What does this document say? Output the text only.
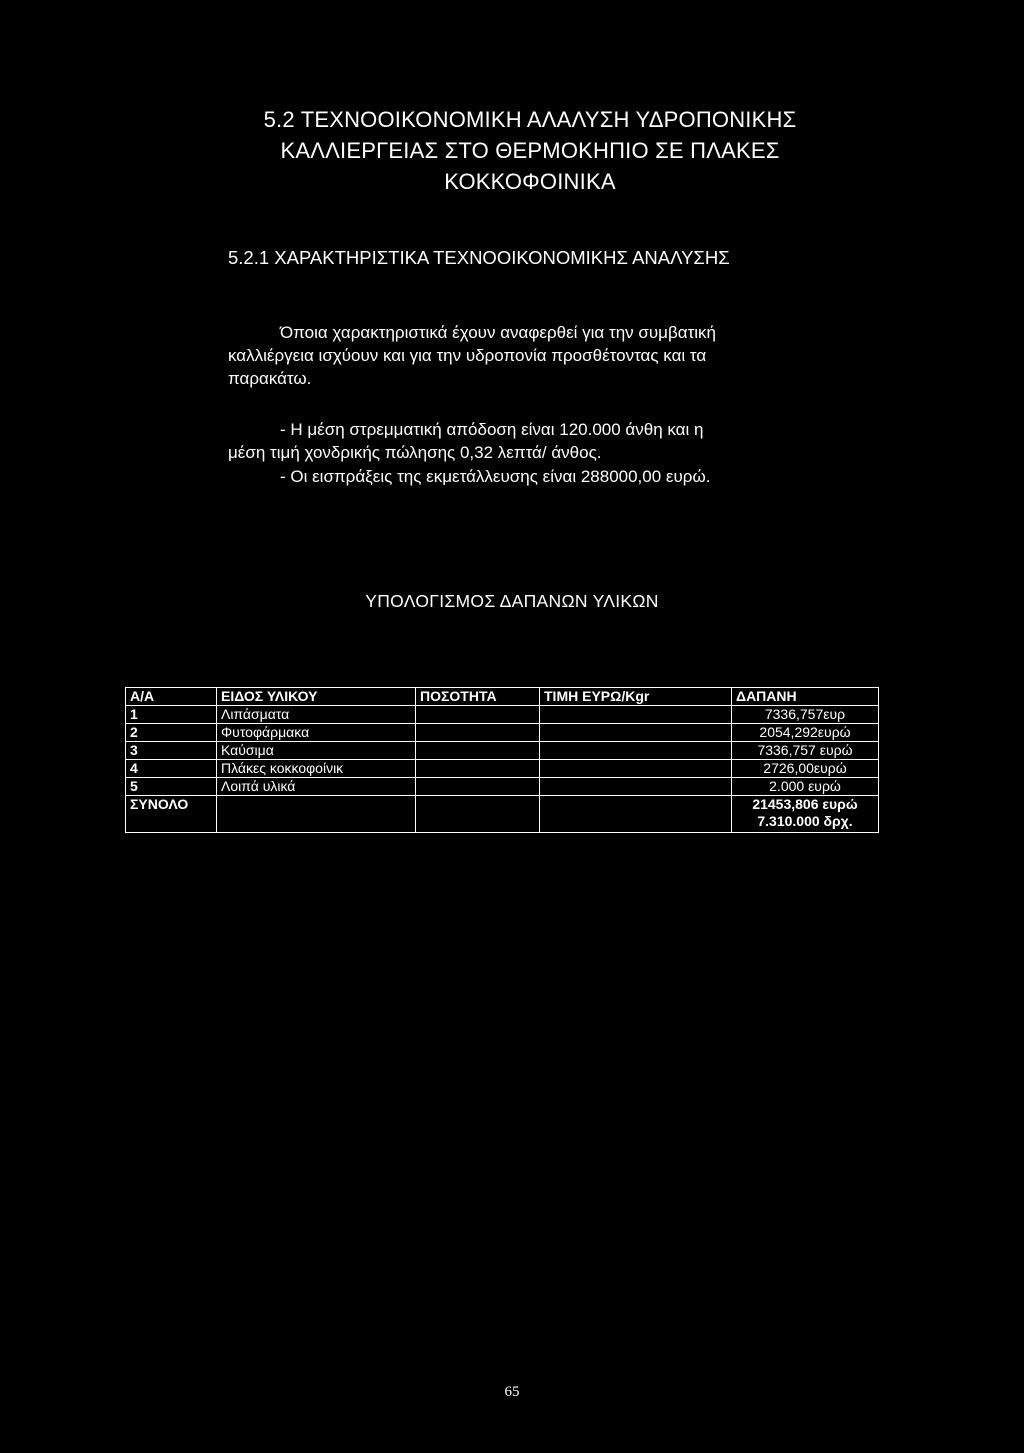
5.2 ΤΕΧΝΟΟΙΚΟΝΟΜΙΚΗ ΑΛΑΛΥΣΗ ΥΔΡΟΠΟΝΙΚΗΣ
ΚΑΛΛΙΕΡΓΕΙΑΣ ΣΤΟ ΘΕΡΜΟΚΗΠΙΟ ΣΕ ΠΛΑΚΕΣ
ΚΟΚΚΟΦΟΙΝΙΚΑ
5.2.1 ΧΑΡΑΚΤΗΡΙΣΤΙΚΑ ΤΕΧΝΟΟΙΚΟΝΟΜΙΚΗΣ ΑΝΑΛΥΣΗΣ
Όποια χαρακτηριστικά έχουν αναφερθεί για την συμβατική
καλλιέργεια ισχύουν και για την υδροπονία προσθέτοντας και τα
παρακάτω.
- Η μέση στρεμματική απόδοση είναι 120.000 άνθη και η
μέση τιμή χονδρικής πώλησης 0,32 λεπτά/ άνθος.
- Οι εισπράξεις της εκμετάλλευσης είναι 288000,00 ευρώ.
ΥΠΟΛΟΓΙΣΜΟΣ ΔΑΠΑΝΩΝ ΥΛΙΚΩΝ
Α/Α	ΕΙΔΟΣ ΥΛΙΚΟΥ	ΠΟΣΟΤΗΤΑ	ΤΙΜΗ ΕΥΡΩ/Kgr	ΔΑΠΑΝΗ
1	Λιπάσματα			7336,757ευρ
2	Φυτοφάρμακα			2054,292ευρώ
3	Καύσιμα			7336,757 ευρώ
4	Πλάκες κοκκοφοίνικ			2726,00ευρώ
5	Λοιπά υλικά			2.000 ευρώ
ΣΥΝΟΛΟ				21453,806 ευρώ
7.310.000 δρχ.
65
